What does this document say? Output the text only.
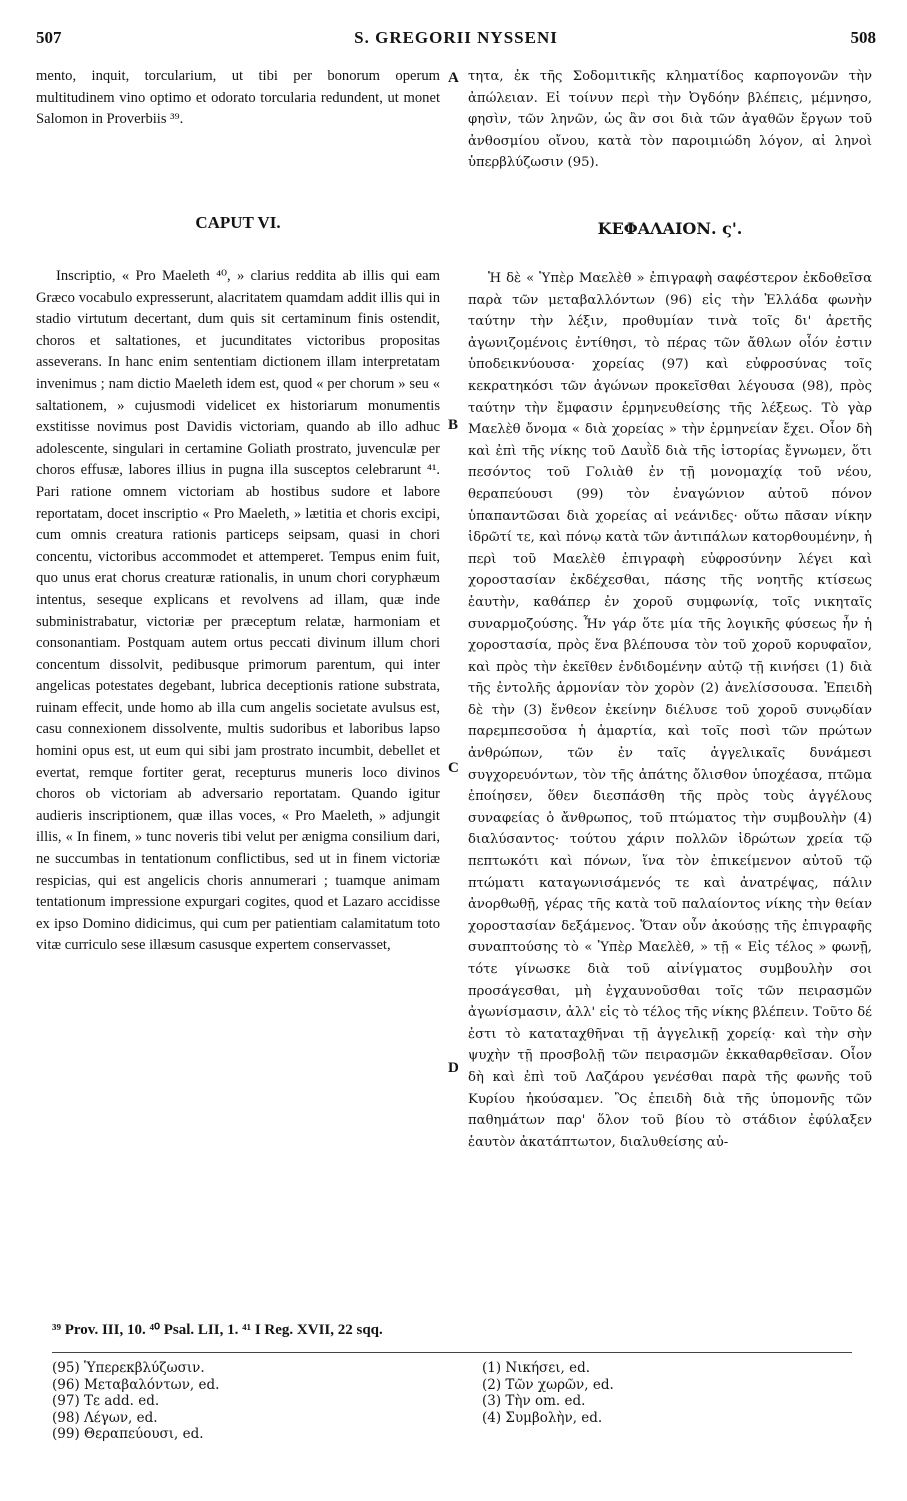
507	S. GREGORII NYSSENI	508

mento, inquit, torcularium, ut tibi per bonorum operum multitudinem vino optimo et odorato torcularia redundent, ut monet Salomon in Proverbiis ³⁹.

CAPUT VI.

Inscriptio, « Pro Maeleth ⁴⁰, » clarius reddita ab illis qui eam Græco vocabulo expresserunt, alacritatem quamdam addit illis qui in stadio virtutum decertant, dum quis sit certaminum finis ostendit, choros et saltationes, et jucunditates victoribus propositas asseverans. In hanc enim sententiam dictionem illam interpretatam invenimus ; nam dictio Maeleth idem est, quod « per chorum » seu « saltationem, » cujusmodi videlicet ex historiarum monumentis exstitisse novimus post Davidis victoriam, quando ab illo adhuc adolescente, singulari in certamine Goliath prostrato, juvenculæ per choros effusæ, labores illius in pugna illa susceptos celebrarunt ⁴¹. Pari ratione omnem victoriam ab hostibus sudore et labore reportatam, docet inscriptio « Pro Maeleth, » lætitia et choris excipi, cum omnis creatura rationis particeps seipsam, quasi in chori concentu, victoribus accommodet et attemperet. Tempus enim fuit, quo unus erat chorus creaturæ rationalis, in unum chori coryphæum intentus, seseque explicans et revolvens ad illam, quæ inde subministrabatur, victoriæ per præceptum relatæ, harmoniam et consonantiam. Postquam autem ortus peccati divinum illum chori concentum dissolvit, pedibusque primorum parentum, qui inter angelicas potestates degebant, lubrica deceptionis ratione substrata, ruinam effecit, unde homo ab illa cum angelis societate avulsus est, casu connexionem dissolvente, multis sudoribus et laboribus lapso homini opus est, ut eum qui sibi jam prostrato incumbit, debellet et evertat, remque fortiter gerat, recepturus muneris loco divinos choros ob victoriam ab adversario reportatam. Quando igitur audieris inscriptionem, quæ illas voces, « Pro Maeleth, » adjungit illis, « In finem, » tunc noveris tibi velut per ænigma consilium dari, ne succumbas in tentationum conflictibus, sed ut in finem victoriæ respicias, qui est angelicis choris annumerari ; tuamque animam tentationum impressione expurgari cogites, quod et Lazaro accidisse ex ipso Domino didicimus, qui cum per patientiam calamitatum toto vitæ curriculo sese illæsum casusque expertem conservasset,

A
B
C
D

τητα, ἐκ τῆς Σοδομιτικῆς κληματίδος καρπογονῶν τὴν ἀπώλειαν. Εἰ τοίνυν περὶ τὴν Ὀγδόην βλέπεις, μέμνησο, φησὶν, τῶν ληνῶν, ὡς ἂν σοι διὰ τῶν ἀγαθῶν ἔργων τοῦ ἀνθοσμίου οἴνου, κατὰ τὸν παροιμιώδη λόγον, αἱ ληνοὶ ὑπερβλύζωσιν (95).

ΚΕΦΑΛΑΙΟΝ. ς'.

Ἡ δὲ « Ὑπὲρ Μαελὲθ » ἐπιγραφὴ σαφέστερον ἐκδοθεῖσα παρὰ τῶν μεταβαλλόντων (96) εἰς τὴν Ἑλλάδα φωνὴν ταύτην τὴν λέξιν, προθυμίαν τινὰ τοῖς δι' ἀρετῆς ἀγωνιζομένοις ἐντίθησι, τὸ πέρας τῶν ἄθλων οἷόν ἐστιν ὑποδεικνύουσα· χορείας (97) καὶ εὐφροσύνας τοῖς κεκρατηκόσι τῶν ἀγώνων προκεῖσθαι λέγουσα (98), πρὸς ταύτην τὴν ἔμφασιν ἑρμηνευθείσης τῆς λέξεως. Τὸ γὰρ Μαελὲθ ὄνομα « διὰ χορείας » τὴν ἑρμηνείαν ἔχει. Οἷον δὴ καὶ ἐπὶ τῆς νίκης τοῦ Δαυῒδ διὰ τῆς ἱστορίας ἔγνωμεν, ὅτι πεσόντος τοῦ Γολιὰθ ἐν τῇ μονομαχίᾳ τοῦ νέου, θεραπεύουσι (99) τὸν ἐναγώνιον αὐτοῦ πόνον ὑπαπαντῶσαι διὰ χορείας αἱ νεάνιδες· οὕτω πᾶσαν νίκην ἱδρῶτί τε, καὶ πόνῳ κατὰ τῶν ἀντιπάλων κατορθουμένην, ἡ περὶ τοῦ Μαελὲθ ἐπιγραφὴ εὐφροσύνην λέγει καὶ χοροστασίαν ἐκδέχεσθαι, πάσης τῆς νοητῆς κτίσεως ἑαυτὴν, καθάπερ ἐν χοροῦ συμφωνίᾳ, τοῖς νικηταῖς συναρμοζούσης. Ἦν γάρ ὅτε μία τῆς λογικῆς φύσεως ἦν ἡ χοροστασία, πρὸς ἕνα βλέπουσα τὸν τοῦ χοροῦ κορυφαῖον, καὶ πρὸς τὴν ἐκεῖθεν ἐνδιδομένην αὐτῷ τῇ κινήσει (1) διὰ τῆς ἐντολῆς ἁρμονίαν τὸν χορὸν (2) ἀνελίσσουσα. Ἐπειδὴ δὲ τὴν (3) ἔνθεον ἐκείνην διέλυσε τοῦ χοροῦ συνῳδίαν παρεμπεσοῦσα ἡ ἁμαρτία, καὶ τοῖς ποσὶ τῶν πρώτων ἀνθρώπων, τῶν ἐν ταῖς ἀγγελικαῖς δυνάμεσι συγχορευόντων, τὸν τῆς ἀπάτης ὄλισθον ὑποχέασα, πτῶμα ἐποίησεν, ὅθεν διεσπάσθη τῆς πρὸς τοὺς ἀγγέλους συναφείας ὁ ἄνθρωπος, τοῦ πτώματος τὴν συμβουλὴν (4) διαλύσαντος· τούτου χάριν πολλῶν ἱδρώτων χρεία τῷ πεπτωκότι καὶ πόνων, ἵνα τὸν ἐπικείμενον αὐτοῦ τῷ πτώματι καταγωνισάμενός τε καὶ ἀνατρέψας, πάλιν ἀνορθωθῇ, γέρας τῆς κατὰ τοῦ παλαίοντος νίκης τὴν θείαν χοροστασίαν δεξάμενος. Ὅταν οὖν ἀκούσῃς τῆς ἐπιγραφῆς συναπτούσης τὸ « Ὑπὲρ Μαελὲθ, » τῇ « Εἰς τέλος » φωνῇ, τότε γίνωσκε διὰ τοῦ αἰνίγματος συμβουλὴν σοι προσάγεσθαι, μὴ ἐγχαυνοῦσθαι τοῖς τῶν πειρασμῶν ἀγωνίσμασιν, ἀλλ' εἰς τὸ τέλος τῆς νίκης βλέπειν. Τοῦτο δέ ἐστι τὸ καταταχθῆναι τῇ ἀγγελικῇ χορείᾳ· καὶ τὴν σὴν ψυχὴν τῇ προσβολῇ τῶν πειρασμῶν ἐκκαθαρθεῖσαν. Οἷον δὴ καὶ ἐπὶ τοῦ Λαζάρου γενέσθαι παρὰ τῆς φωνῆς τοῦ Κυρίου ἠκούσαμεν. Ὃς ἐπειδὴ διὰ τῆς ὑπομονῆς τῶν παθημάτων παρ' ὅλον τοῦ βίου τὸ στάδιον ἐφύλαξεν ἑαυτὸν ἀκατάπτωτον, διαλυθείσης αὐ-

³⁹ Prov. III, 10. ⁴⁰ Psal. LII, 1. ⁴¹ I Reg. XVII, 22 sqq.
(95) Ὑπερεκβλύζωσιν.
(96) Μεταβαλόντων, ed.
(97) Τε add. ed.
(98) Λέγων, ed.
(99) Θεραπεύουσι, ed.
(1) Νικήσει, ed.
(2) Τῶν χωρῶν, ed.
(3) Τὴν om. ed.
(4) Συμβολὴν, ed.
